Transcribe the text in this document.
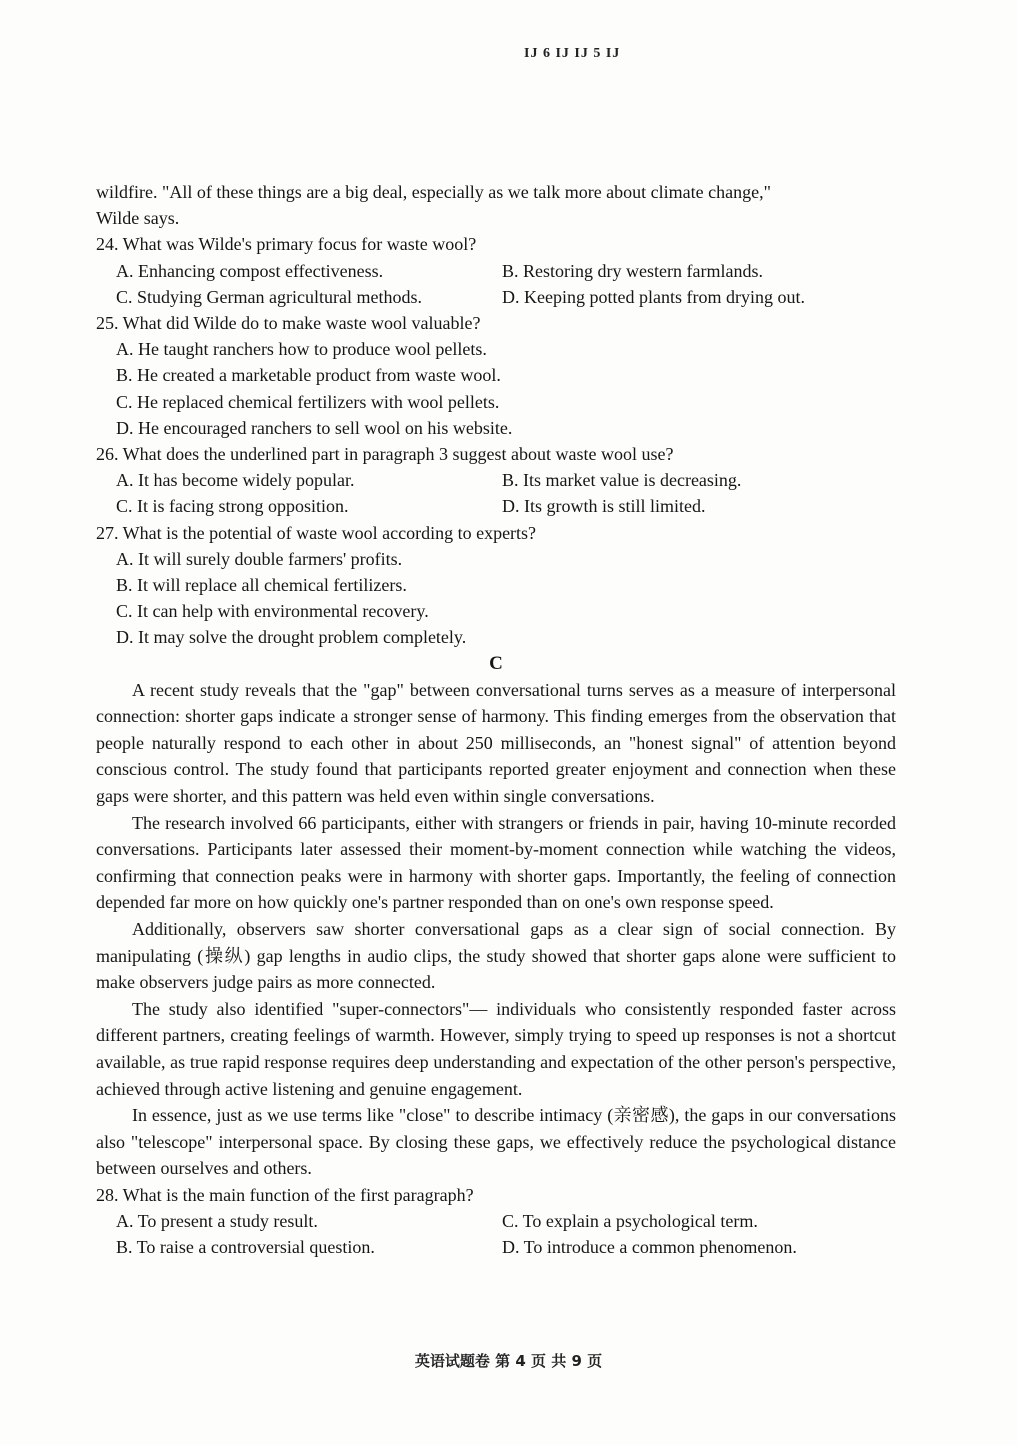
IJ 6 IJ IJ 5 IJ
wildfire. "All of these things are a big deal, especially as we talk more about climate change,"
Wilde says.
24. What was Wilde's primary focus for waste wool?
A. Enhancing compost effectiveness.	B. Restoring dry western farmlands.
C. Studying German agricultural methods.	D. Keeping potted plants from drying out.
25. What did Wilde do to make waste wool valuable?
A. He taught ranchers how to produce wool pellets.
B. He created a marketable product from waste wool.
C. He replaced chemical fertilizers with wool pellets.
D. He encouraged ranchers to sell wool on his website.
26. What does the underlined part in paragraph 3 suggest about waste wool use?
A. It has become widely popular.	B. Its market value is decreasing.
C. It is facing strong opposition.	D. Its growth is still limited.
27. What is the potential of waste wool according to experts?
A. It will surely double farmers' profits.
B. It will replace all chemical fertilizers.
C. It can help with environmental recovery.
D. It may solve the drought problem completely.
C

A recent study reveals that the "gap" between conversational turns serves as a measure of interpersonal connection: shorter gaps indicate a stronger sense of harmony. This finding emerges from the observation that people naturally respond to each other in about 250 milliseconds, an "honest signal" of attention beyond conscious control. The study found that participants reported greater enjoyment and connection when these gaps were shorter, and this pattern was held even within single conversations.

The research involved 66 participants, either with strangers or friends in pair, having 10-minute recorded conversations. Participants later assessed their moment-by-moment connection while watching the videos, confirming that connection peaks were in harmony with shorter gaps. Importantly, the feeling of connection depended far more on how quickly one's partner responded than on one's own response speed.

Additionally, observers saw shorter conversational gaps as a clear sign of social connection. By manipulating (操纵) gap lengths in audio clips, the study showed that shorter gaps alone were sufficient to make observers judge pairs as more connected.

The study also identified "super-connectors"— individuals who consistently responded faster across different partners, creating feelings of warmth. However, simply trying to speed up responses is not a shortcut available, as true rapid response requires deep understanding and expectation of the other person's perspective, achieved through active listening and genuine engagement.

In essence, just as we use terms like "close" to describe intimacy (亲密感), the gaps in our conversations also "telescope" interpersonal space. By closing these gaps, we effectively reduce the psychological distance between ourselves and others.

28. What is the main function of the first paragraph?
A. To present a study result.	C. To explain a psychological term.
B. To raise a controversial question.	D. To introduce a common phenomenon.
英语试题卷 第 4 页 共 9 页
